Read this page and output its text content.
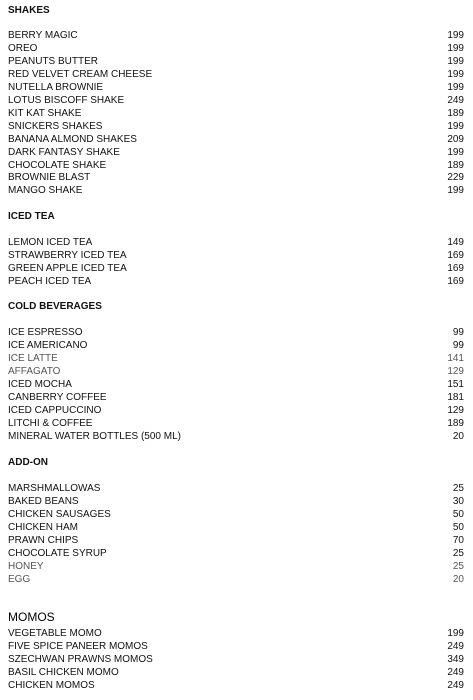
SHAKES
BERRY MAGIC	199
OREO	199
PEANUTS BUTTER	199
RED VELVET CREAM CHEESE	199
NUTELLA BROWNIE	199
LOTUS BISCOFF SHAKE	249
KIT KAT SHAKE	189
SNICKERS SHAKES	199
BANANA ALMOND SHAKES	209
DARK FANTASY SHAKE	199
CHOCOLATE SHAKE	189
BROWNIE BLAST	229
MANGO SHAKE	199
ICED TEA
LEMON ICED TEA	149
STRAWBERRY ICED TEA	169
GREEN APPLE ICED TEA	169
PEACH ICED TEA	169
COLD BEVERAGES
ICE ESPRESSO	99
ICE AMERICANO	99
ICE LATTE	141
AFFAGATO	129
ICED MOCHA	151
CANBERRY COFFEE	181
ICED CAPPUCCINO	129
LITCHI & COFFEE	189
MINERAL WATER BOTTLES (500 ML)	20
ADD-ON
MARSHMALLOWAS	25
BAKED BEANS	30
CHICKEN SAUSAGES	50
CHICKEN HAM	50
PRAWN CHIPS	70
CHOCOLATE SYRUP	25
HONEY	25
EGG	20
MOMOS
VEGETABLE MOMO	199
FIVE SPICE PANEER MOMOS	249
SZECHWAN PRAWNS MOMOS	349
BASIL CHICKEN MOMO	249
CHICKEN MOMOS	249
